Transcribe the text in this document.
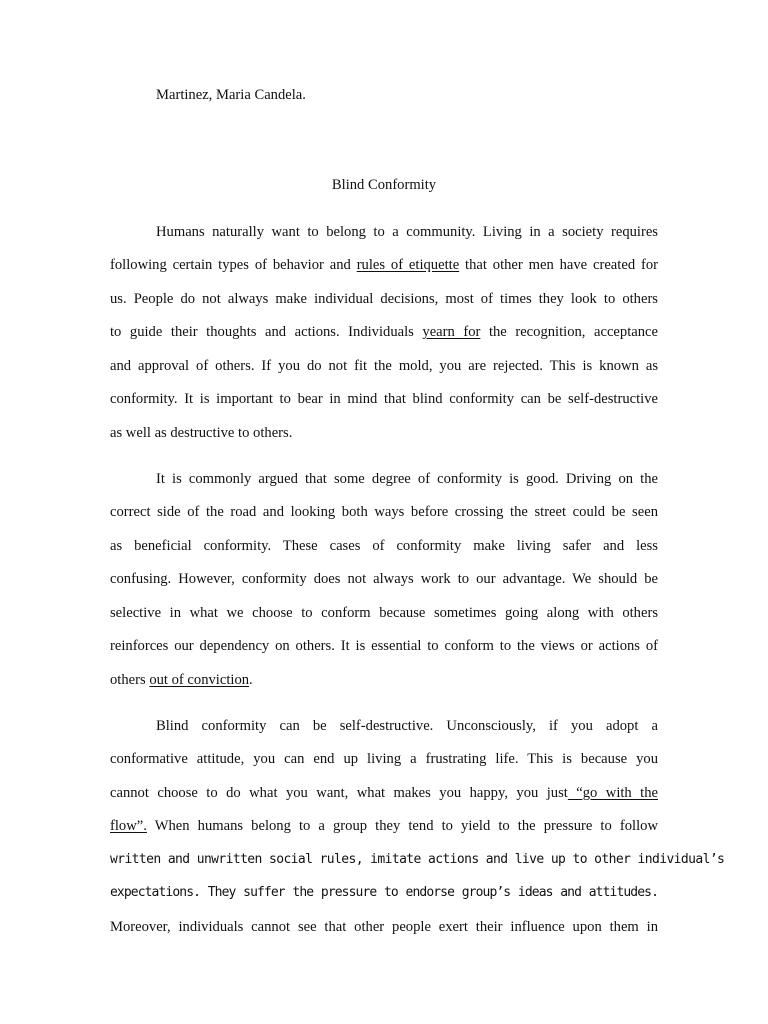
Martinez, Maria Candela.

Blind Conformity
Humans naturally want to belong to a community. Living in a society requires
following certain types of behavior and rules of etiquette that other men have created for
us. People do not always make individual decisions, most of times they look to others
to guide their thoughts and actions. Individuals yearn for the recognition, acceptance
and approval of others. If you do not fit the mold, you are rejected. This is known as
conformity. It is important to bear in mind that blind conformity can be self-destructive
as well as destructive to others.
It is commonly argued that some degree of conformity is good. Driving on the
correct side of the road and looking both ways before crossing the street could be seen
as beneficial conformity. These cases of conformity make living safer and less
confusing. However, conformity does not always work to our advantage. We should be
selective in what we choose to conform because sometimes going along with others
reinforces our dependency on others. It is essential to conform to the views or actions of
others out of conviction.
Blind conformity can be self-destructive. Unconsciously, if you adopt a
conformative attitude, you can end up living a frustrating life. This is because you
cannot choose to do what you want, what makes you happy, you just “go with the
flow”. When humans belong to a group they tend to yield to the pressure to follow
written and unwritten social rules, imitate actions and live up to other individual’s
expectations. They suffer the pressure to endorse group’s ideas and attitudes.
Moreover, individuals cannot see that other people exert their influence upon them in
